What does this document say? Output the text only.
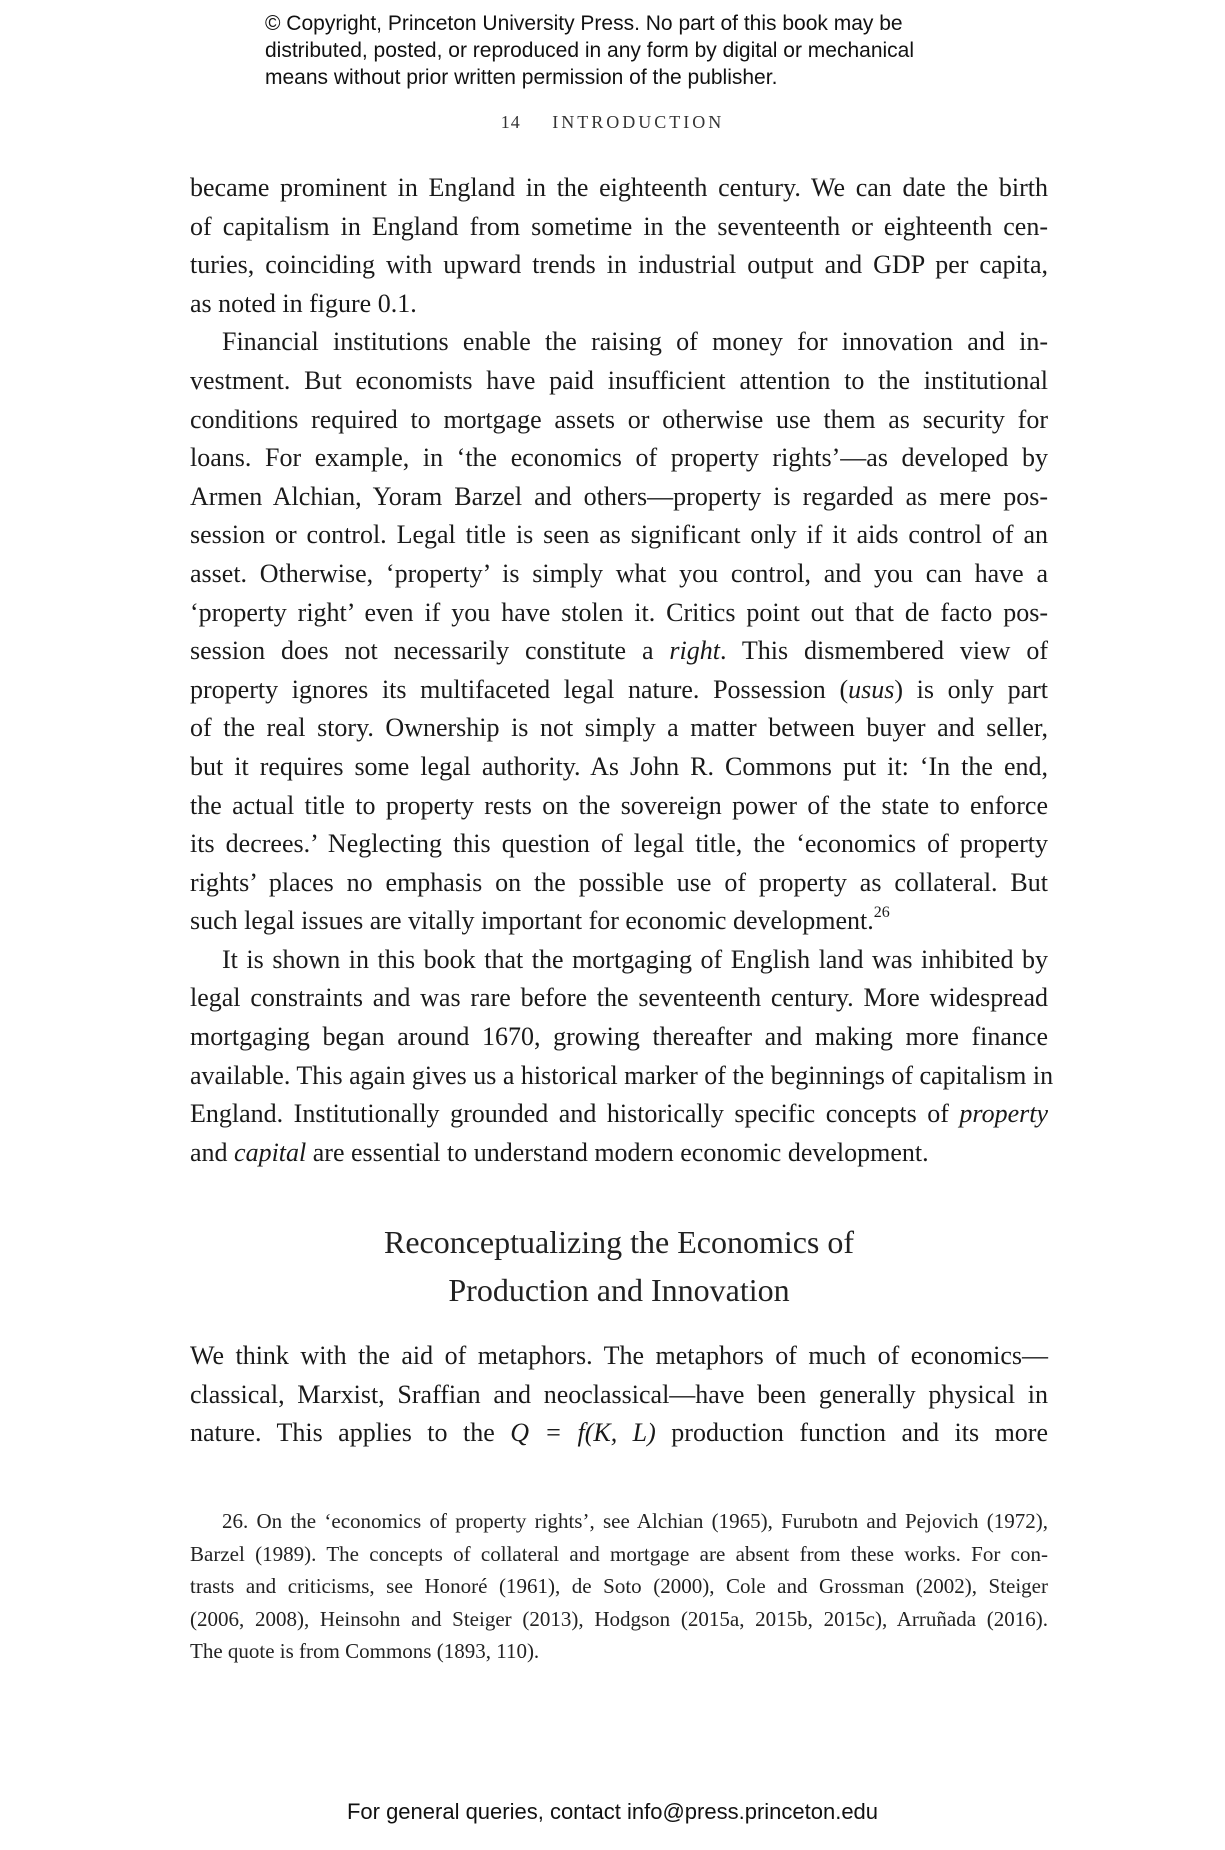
© Copyright, Princeton University Press. No part of this book may be
distributed, posted, or reproduced in any form by digital or mechanical
means without prior written permission of the publisher.
14 INTRODUCTION
became prominent in England in the eighteenth century. We can date the birth
of capitalism in England from sometime in the seventeenth or eighteenth cen-
turies, coinciding with upward trends in industrial output and GDP per capita,
as noted in figure 0.1.
Financial institutions enable the raising of money for innovation and in-
vestment. But economists have paid insufficient attention to the institutional
conditions required to mortgage assets or otherwise use them as security for
loans. For example, in ‘the economics of property rights’—as developed by
Armen Alchian, Yoram Barzel and others—property is regarded as mere pos-
session or control. Legal title is seen as significant only if it aids control of an
asset. Otherwise, ‘property’ is simply what you control, and you can have a
‘property right’ even if you have stolen it. Critics point out that de facto pos-
session does not necessarily constitute a right. This dismembered view of
property ignores its multifaceted legal nature. Possession (usus) is only part
of the real story. Ownership is not simply a matter between buyer and seller,
but it requires some legal authority. As John R. Commons put it: ‘In the end,
the actual title to property rests on the sovereign power of the state to enforce
its decrees.’ Neglecting this question of legal title, the ‘economics of property
rights’ places no emphasis on the possible use of property as collateral. But
such legal issues are vitally important for economic development.$^{26}$
It is shown in this book that the mortgaging of English land was inhibited by
legal constraints and was rare before the seventeenth century. More widespread
mortgaging began around 1670, growing thereafter and making more finance
available. This again gives us a historical marker of the beginnings of capitalism in
England. Institutionally grounded and historically specific concepts of property
and capital are essential to understand modern economic development.
Reconceptualizing the Economics of
Production and Innovation
We think with the aid of metaphors. The metaphors of much of economics—
classical, Marxist, Sraffian and neoclassical—have been generally physical in
nature. This applies to the Q = f(K, L) production function and its more
26. On the ‘economics of property rights’, see Alchian (1965), Furubotn and Pejovich (1972),
Barzel (1989). The concepts of collateral and mortgage are absent from these works. For con-
trasts and criticisms, see Honoré (1961), de Soto (2000), Cole and Grossman (2002), Steiger
(2006, 2008), Heinsohn and Steiger (2013), Hodgson (2015a, 2015b, 2015c), Arruñada (2016).
The quote is from Commons (1893, 110).
For general queries, contact info@press.princeton.edu
